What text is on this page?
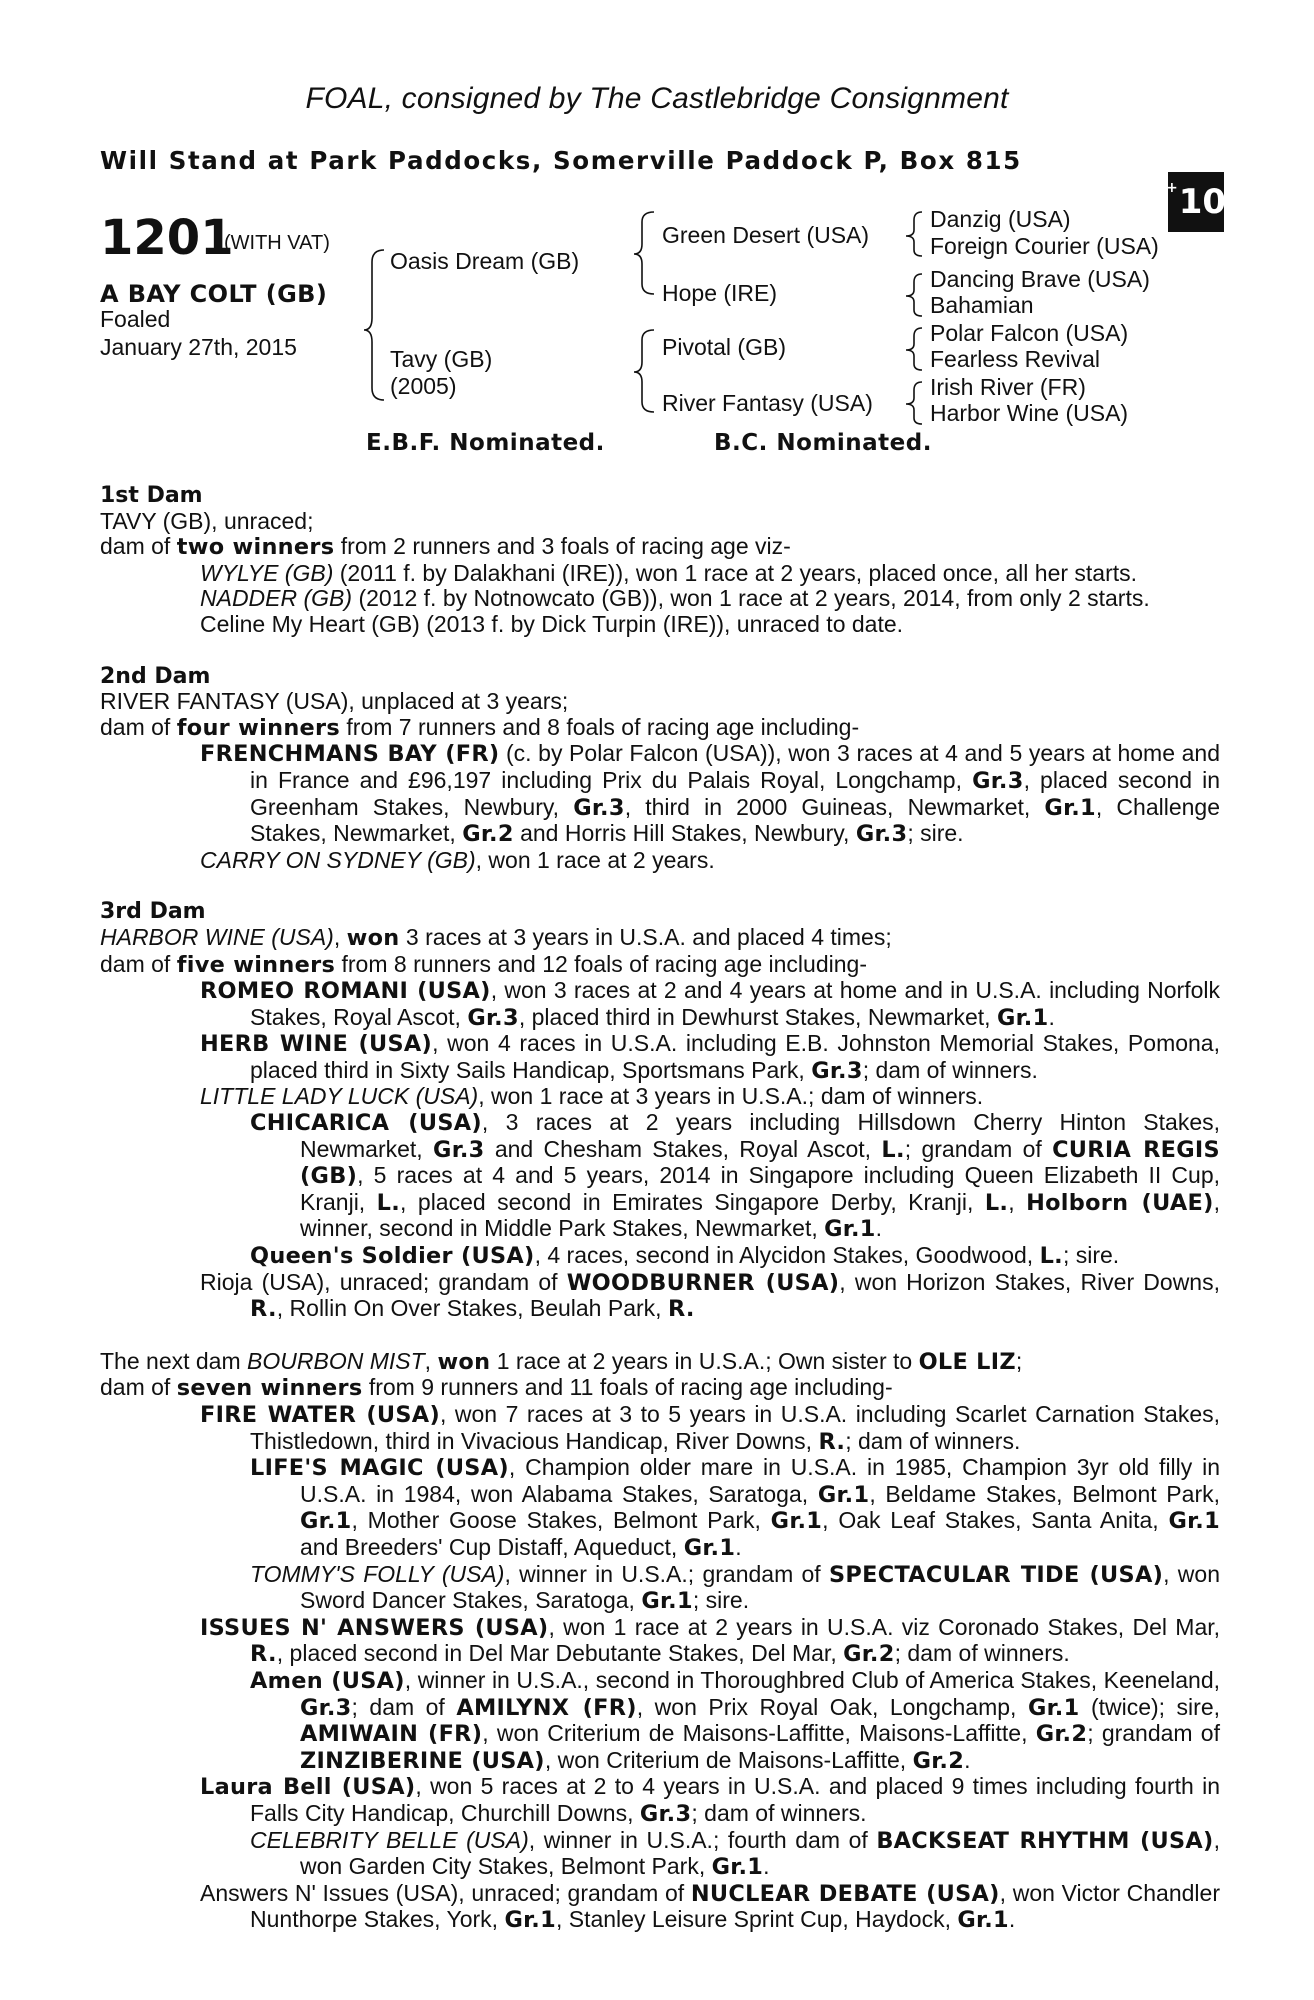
FOAL, consigned by The Castlebridge Consignment
Will Stand at Park Paddocks, Somerville Paddock P, Box 815
+ 10
1201
(WITH VAT)
A BAY COLT (GB)
Foaled
January 27th, 2015
Oasis Dream (GB)
Tavy (GB)
(2005)
Green Desert (USA)
Hope (IRE)
Pivotal (GB)
River Fantasy (USA)
Danzig (USA)
Foreign Courier (USA)
Dancing Brave (USA)
Bahamian
Polar Falcon (USA)
Fearless Revival
Irish River (FR)
Harbor Wine (USA)
E.B.F. Nominated.	B.C. Nominated.

1st Dam

TAVY (GB), unraced;

dam of two winners from 2 runners and 3 foals of racing age viz-

WYLYE (GB) (2011 f. by Dalakhani (IRE)), won 1 race at 2 years, placed once, all her starts.

NADDER (GB) (2012 f. by Notnowcato (GB)), won 1 race at 2 years, 2014, from only 2 starts.

Celine My Heart (GB) (2013 f. by Dick Turpin (IRE)), unraced to date.

2nd Dam

RIVER FANTASY (USA), unplaced at 3 years;

dam of four winners from 7 runners and 8 foals of racing age including-

FRENCHMANS BAY (FR) (c. by Polar Falcon (USA)), won 3 races at 4 and 5 years at home and in France and £96,197 including Prix du Palais Royal, Longchamp, Gr.3, placed second in Greenham Stakes, Newbury, Gr.3, third in 2000 Guineas, Newmarket, Gr.1, Challenge Stakes, Newmarket, Gr.2 and Horris Hill Stakes, Newbury, Gr.3; sire.

CARRY ON SYDNEY (GB), won 1 race at 2 years.

3rd Dam

HARBOR WINE (USA), won 3 races at 3 years in U.S.A. and placed 4 times;

dam of five winners from 8 runners and 12 foals of racing age including-

ROMEO ROMANI (USA), won 3 races at 2 and 4 years at home and in U.S.A. including Norfolk Stakes, Royal Ascot, Gr.3, placed third in Dewhurst Stakes, Newmarket, Gr.1.

HERB WINE (USA), won 4 races in U.S.A. including E.B. Johnston Memorial Stakes, Pomona, placed third in Sixty Sails Handicap, Sportsmans Park, Gr.3; dam of winners.

LITTLE LADY LUCK (USA), won 1 race at 3 years in U.S.A.; dam of winners.

CHICARICA (USA), 3 races at 2 years including Hillsdown Cherry Hinton Stakes, Newmarket, Gr.3 and Chesham Stakes, Royal Ascot, L.; grandam of CURIA REGIS (GB), 5 races at 4 and 5 years, 2014 in Singapore including Queen Elizabeth II Cup, Kranji, L., placed second in Emirates Singapore Derby, Kranji, L., Holborn (UAE), winner, second in Middle Park Stakes, Newmarket, Gr.1.

Queen's Soldier (USA), 4 races, second in Alycidon Stakes, Goodwood, L.; sire.

Rioja (USA), unraced; grandam of WOODBURNER (USA), won Horizon Stakes, River Downs, R., Rollin On Over Stakes, Beulah Park, R.

The next dam BOURBON MIST, won 1 race at 2 years in U.S.A.; Own sister to OLE LIZ;

dam of seven winners from 9 runners and 11 foals of racing age including-

FIRE WATER (USA), won 7 races at 3 to 5 years in U.S.A. including Scarlet Carnation Stakes, Thistledown, third in Vivacious Handicap, River Downs, R.; dam of winners.

LIFE'S MAGIC (USA), Champion older mare in U.S.A. in 1985, Champion 3yr old filly in U.S.A. in 1984, won Alabama Stakes, Saratoga, Gr.1, Beldame Stakes, Belmont Park, Gr.1, Mother Goose Stakes, Belmont Park, Gr.1, Oak Leaf Stakes, Santa Anita, Gr.1 and Breeders' Cup Distaff, Aqueduct, Gr.1.

TOMMY'S FOLLY (USA), winner in U.S.A.; grandam of SPECTACULAR TIDE (USA), won Sword Dancer Stakes, Saratoga, Gr.1; sire.

ISSUES N' ANSWERS (USA), won 1 race at 2 years in U.S.A. viz Coronado Stakes, Del Mar, R., placed second in Del Mar Debutante Stakes, Del Mar, Gr.2; dam of winners.

Amen (USA), winner in U.S.A., second in Thoroughbred Club of America Stakes, Keeneland, Gr.3; dam of AMILYNX (FR), won Prix Royal Oak, Longchamp, Gr.1 (twice); sire, AMIWAIN (FR), won Criterium de Maisons-Laffitte, Maisons-Laffitte, Gr.2; grandam of ZINZIBERINE (USA), won Criterium de Maisons-Laffitte, Gr.2.

Laura Bell (USA), won 5 races at 2 to 4 years in U.S.A. and placed 9 times including fourth in Falls City Handicap, Churchill Downs, Gr.3; dam of winners.

CELEBRITY BELLE (USA), winner in U.S.A.; fourth dam of BACKSEAT RHYTHM (USA), won Garden City Stakes, Belmont Park, Gr.1.

Answers N' Issues (USA), unraced; grandam of NUCLEAR DEBATE (USA), won Victor Chandler Nunthorpe Stakes, York, Gr.1, Stanley Leisure Sprint Cup, Haydock, Gr.1.
